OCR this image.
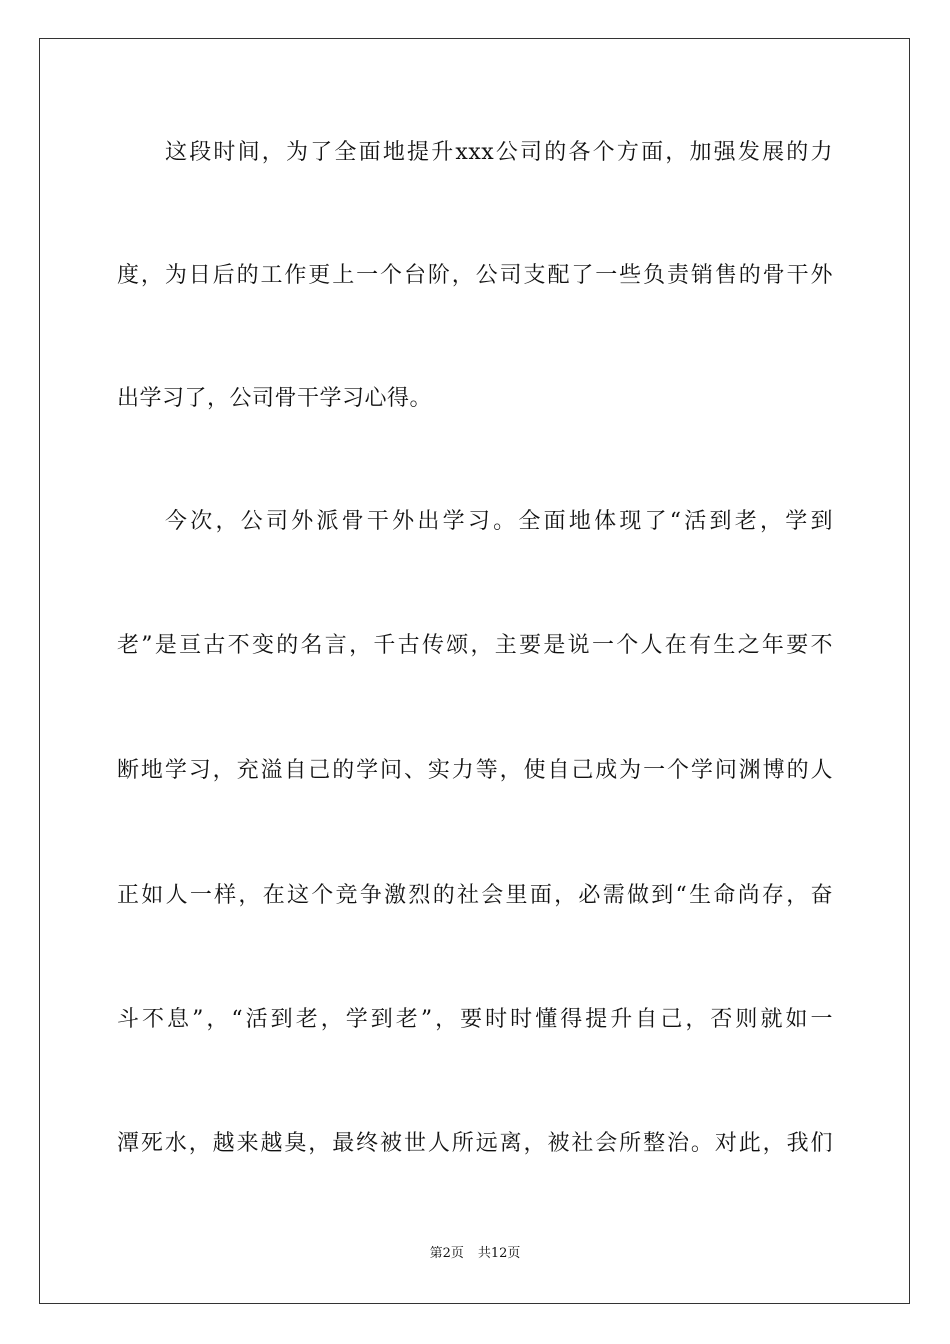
这段时间，为了全面地提升xxx公司的各个方面，加强发展的力
度，为日后的工作更上一个台阶，公司支配了一些负责销售的骨干外
出学习了，公司骨干学习心得。
今次，公司外派骨干外出学习。全面地体现了“活到老，学到
老”是亘古不变的名言，千古传颂，主要是说一个人在有生之年要不
断地学习，充溢自己的学问、实力等，使自己成为一个学问渊博的人
正如人一样，在这个竞争激烈的社会里面，必需做到“生命尚存，奋
斗不息”，“活到老，学到老”，要时时懂得提升自己，否则就如一
潭死水，越来越臭，最终被世人所远离，被社会所整治。对此，我们
第2页 共12页
